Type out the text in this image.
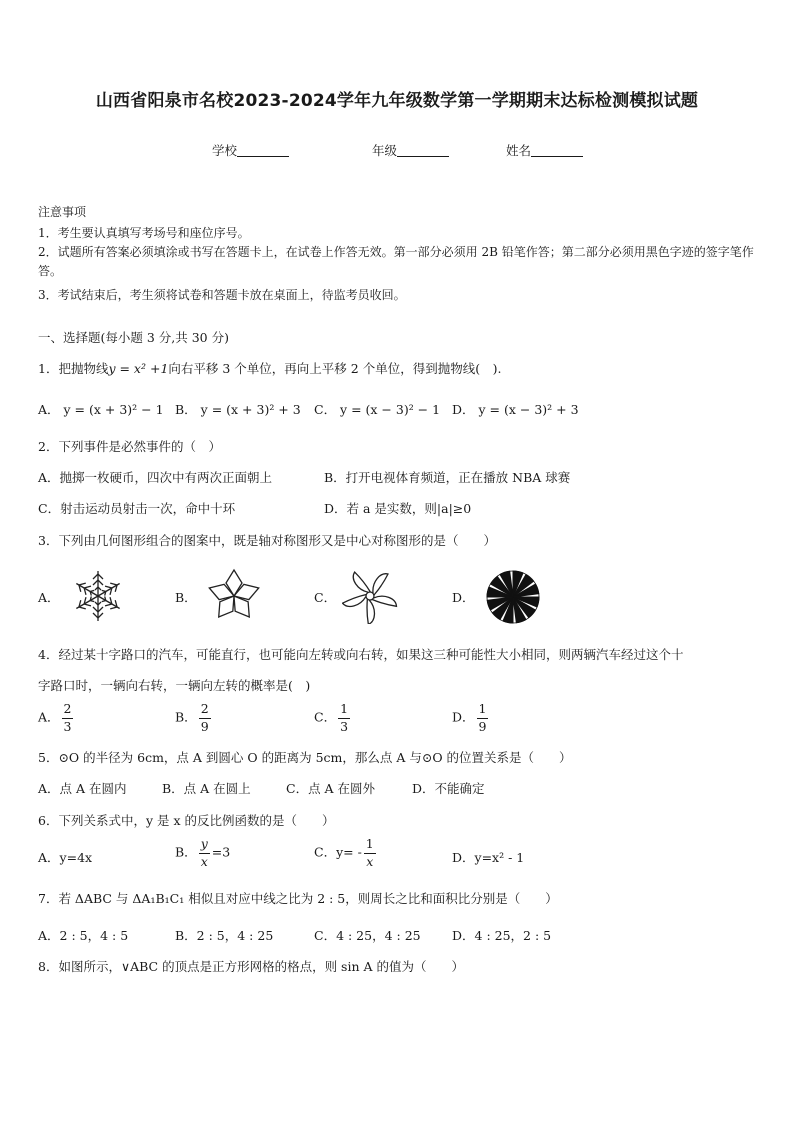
山西省阳泉市名校2023-2024学年九年级数学第一学期期末达标检测模拟试题
学校	年级	姓名
注意事项
1．考生要认真填写考场号和座位序号。
2．试题所有答案必须填涂或书写在答题卡上，在试卷上作答无效。第一部分必须用 2B 铅笔作答；第二部分必须用黑色字迹的签字笔作答。
3．考试结束后，考生须将试卷和答题卡放在桌面上，待监考员收回。
一、选择题(每小题 3 分,共 30 分)
1．把抛物线y = x² +1向右平移 3 个单位，再向上平移 2 个单位，得到抛物线(　).
A． y = (x + 3)² − 1 B． y = (x + 3)² + 3 C． y = (x − 3)² − 1 D． y = (x − 3)² + 3
2．下列事件是必然事件的（　）
A．抛掷一枚硬币，四次中有两次正面朝上	B．打开电视体育频道，正在播放 NBA 球赛
C．射击运动员射击一次，命中十环	D．若 a 是实数，则|a|≥0
3．下列由几何图形组合的图案中，既是轴对称图形又是中心对称图形的是（　　）
A．	B．	C．	D．
4．经过某十字路口的汽车，可能直行，也可能向左转或向右转，如果这三种可能性大小相同，则两辆汽车经过这个十
字路口时，一辆向右转，一辆向左转的概率是(　)
A． $\frac{2}{3}$	B． $\frac{2}{9}$	C． $\frac{1}{3}$	D． $\frac{1}{9}$
5．⊙O 的半径为 6cm，点 A 到圆心 O 的距离为 5cm，那么点 A 与⊙O 的位置关系是（　　）
A．点 A 在圆内	B．点 A 在圆上	C．点 A 在圆外	D．不能确定
6．下列关系式中，y 是 x 的反比例函数的是（　　）
A．y=4x	B． $\frac{y}{x} =3$	C．$y= - \frac{1}{x}$	D．y=x² - 1
7．若 ΔABC 与 ΔA₁B₁C₁ 相似且对应中线之比为 2 : 5，则周长之比和面积比分别是（　　）
A．2 : 5，4 : 5	B．2 : 5，4 : 25	C．4 : 25，4 : 25	D．4 : 25，2 : 5
8．如图所示，∨ABC 的顶点是正方形网格的格点，则 sin A 的值为（　　）
